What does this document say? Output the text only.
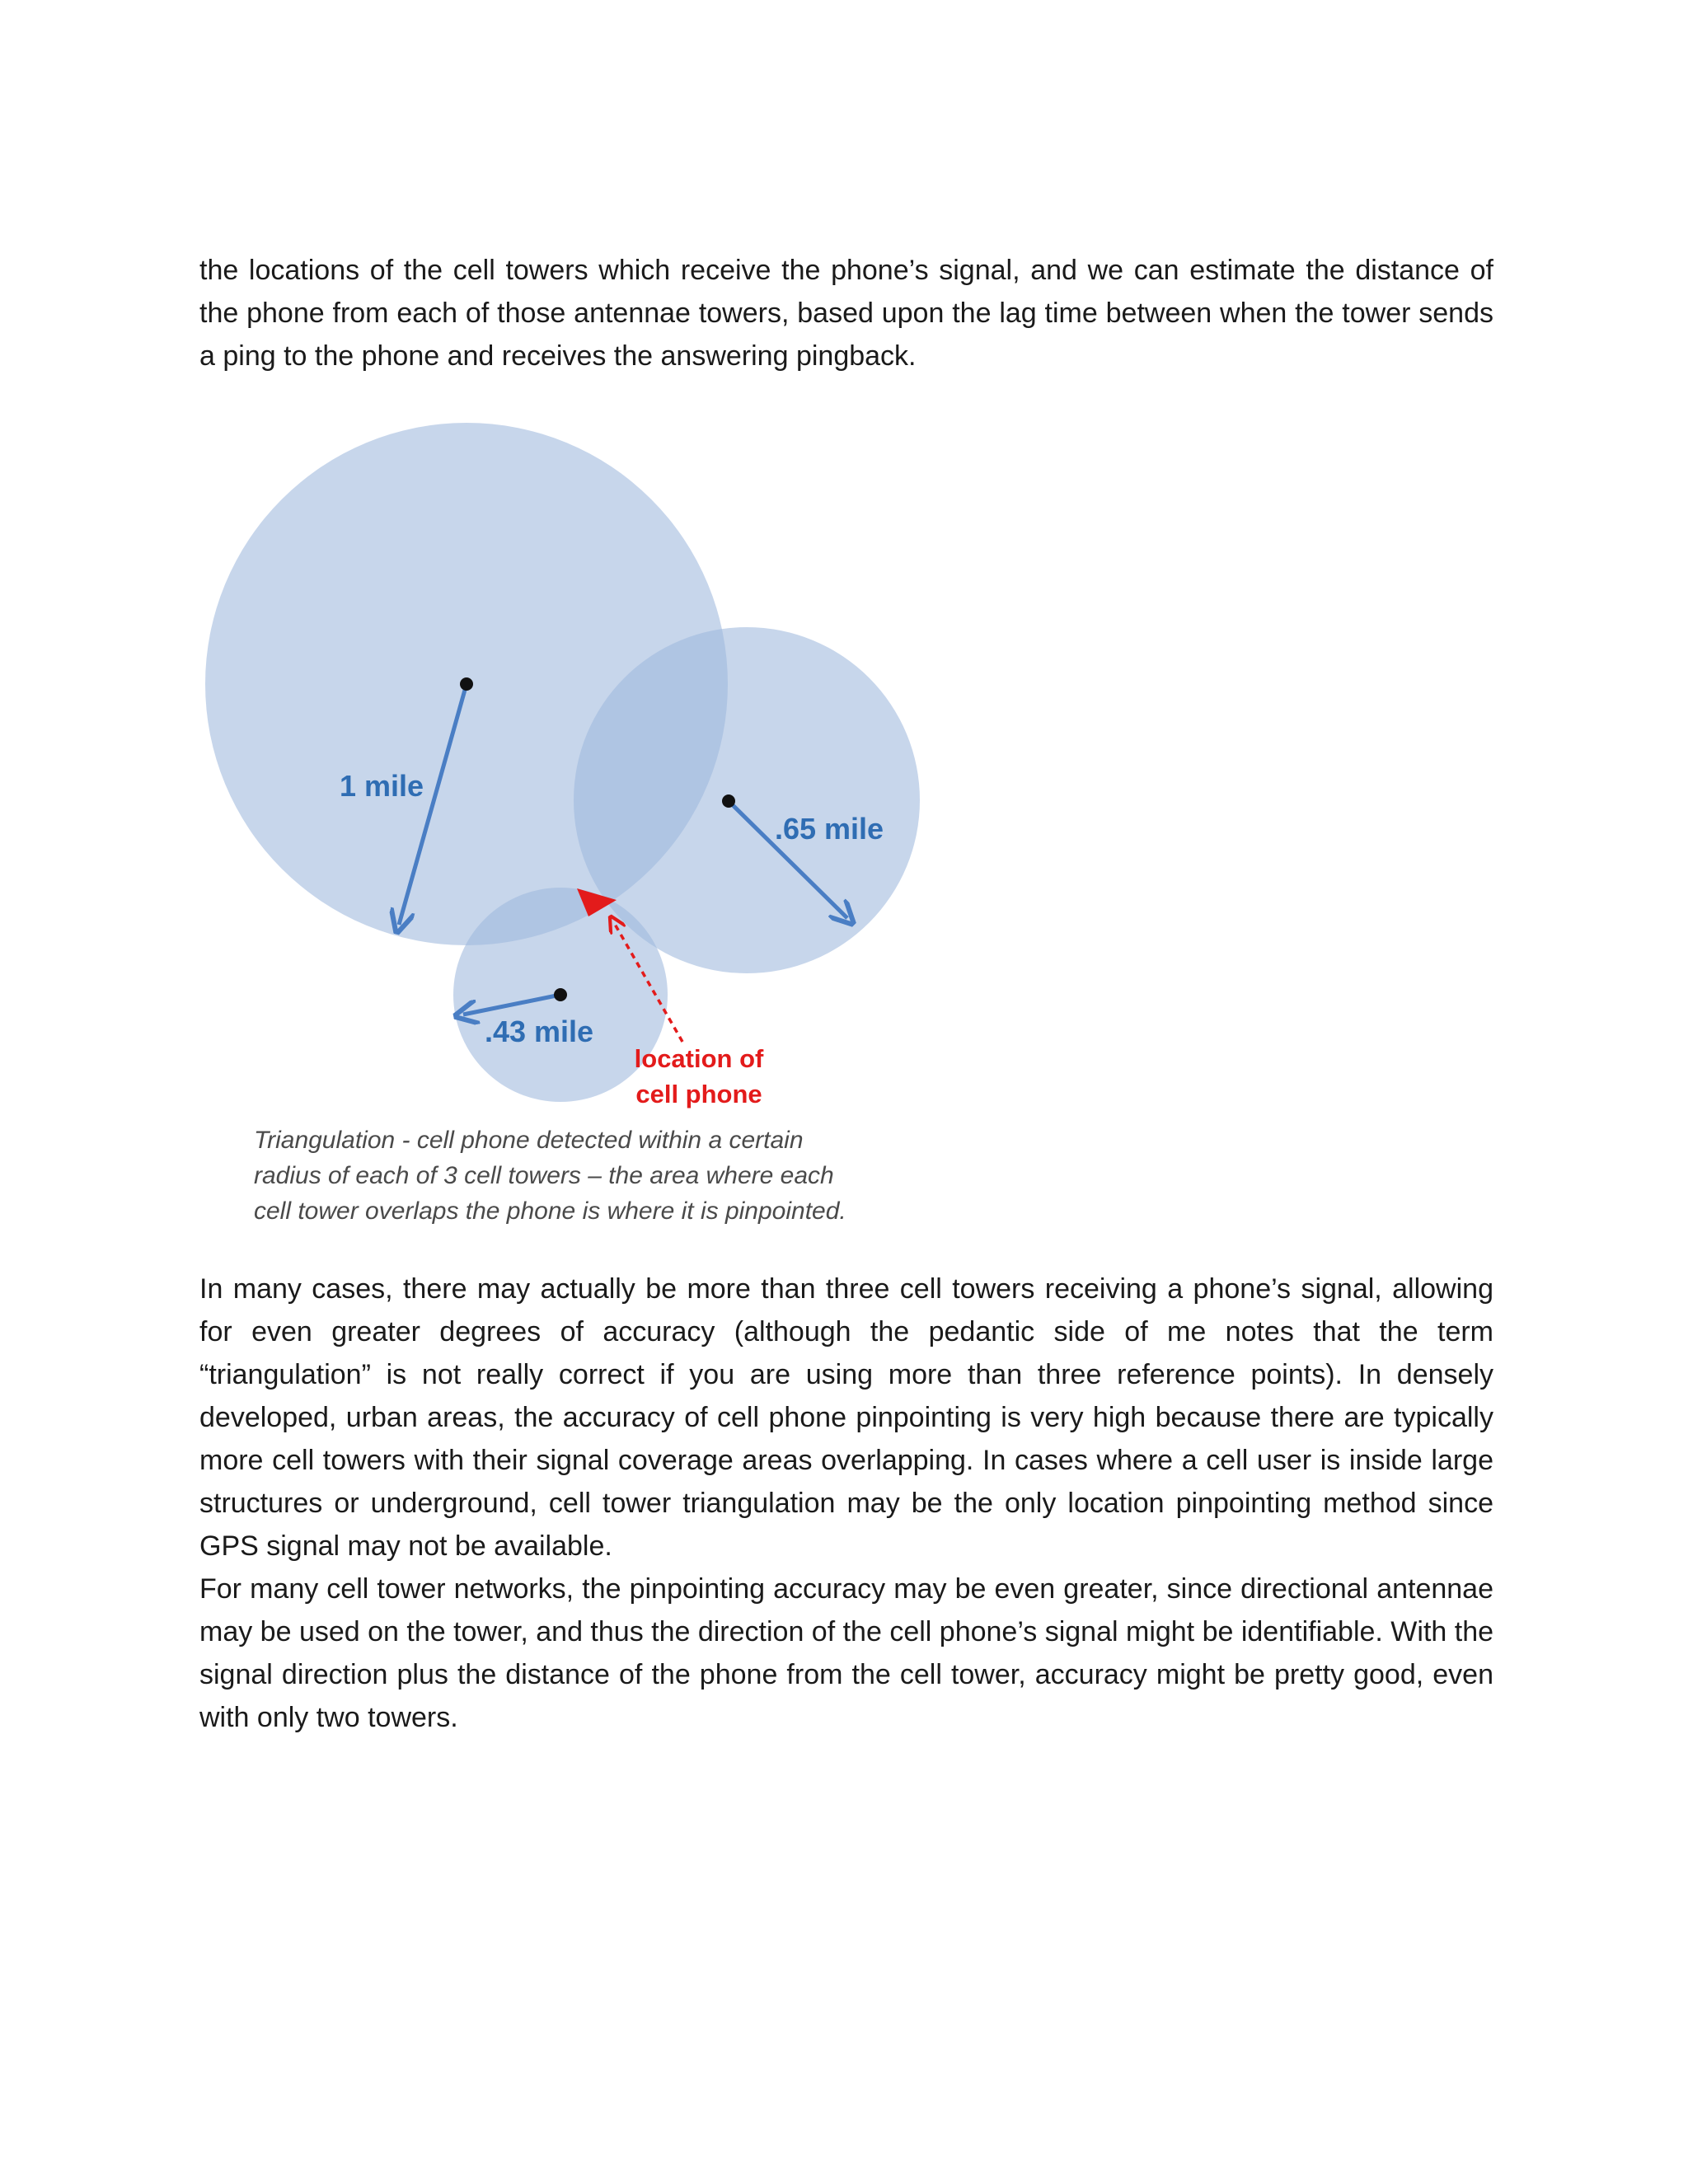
the locations of the cell towers which receive the phone’s signal, and we can estimate the distance of the phone from each of those antennae towers, based upon the lag time between when the tower sends a ping to the phone and receives the answering pingback.

1 mile
.65 mile
.43 mile
location of
cell phone

Triangulation - cell phone detected within a certain
radius of each of 3 cell towers – the area where each
cell tower overlaps the phone is where it is pinpointed.

In many cases, there may actually be more than three cell towers receiving a phone’s signal, allowing for even greater degrees of accuracy (although the pedantic side of me notes that the term “triangulation” is not really correct if you are using more than three reference points). In densely developed, urban areas, the accuracy of cell phone pinpointing is very high because there are typically more cell towers with their signal coverage areas overlapping. In cases where a cell user is inside large structures or underground, cell tower triangulation may be the only location pinpointing method since GPS signal may not be available.

For many cell tower networks, the pinpointing accuracy may be even greater, since directional antennae may be used on the tower, and thus the direction of the cell phone’s signal might be identifiable. With the signal direction plus the distance of the phone from the cell tower, accuracy might be pretty good, even with only two towers.
